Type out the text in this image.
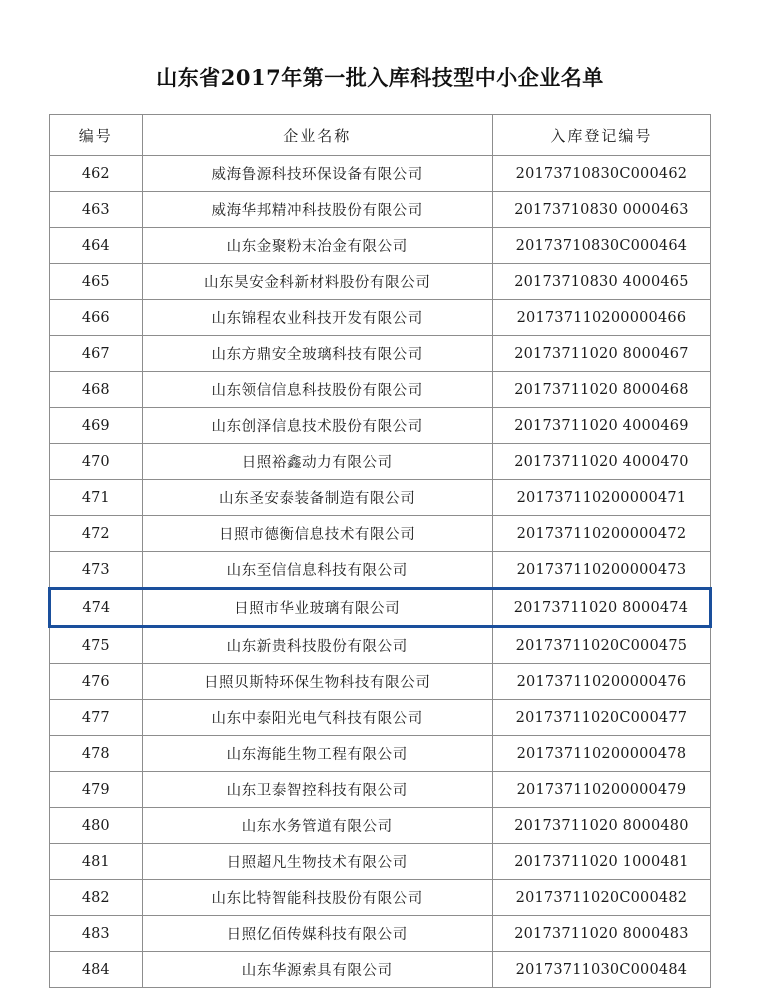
山东省2017年第一批入库科技型中小企业名单
编号	企业名称	入库登记编号
462	威海鲁源科技环保设备有限公司	20173710830C000462
463	威海华邦精冲科技股份有限公司	20173710830 0000463
464	山东金聚粉末冶金有限公司	20173710830C000464
465	山东昊安金科新材料股份有限公司	20173710830 4000465
466	山东锦程农业科技开发有限公司	201737110200000466
467	山东方鼎安全玻璃科技有限公司	20173711020 8000467
468	山东领信信息科技股份有限公司	20173711020 8000468
469	山东创泽信息技术股份有限公司	20173711020 4000469
470	日照裕鑫动力有限公司	20173711020 4000470
471	山东圣安泰装备制造有限公司	201737110200000471
472	日照市德衡信息技术有限公司	201737110200000472
473	山东至信信息科技有限公司	201737110200000473
474	日照市华业玻璃有限公司	20173711020 8000474
475	山东新贵科技股份有限公司	20173711020C000475
476	日照贝斯特环保生物科技有限公司	201737110200000476
477	山东中泰阳光电气科技有限公司	20173711020C000477
478	山东海能生物工程有限公司	201737110200000478
479	山东卫泰智控科技有限公司	201737110200000479
480	山东水务管道有限公司	20173711020 8000480
481	日照超凡生物技术有限公司	20173711020 1000481
482	山东比特智能科技股份有限公司	20173711020C000482
483	日照亿佰传媒科技有限公司	20173711020 8000483
484	山东华源索具有限公司	20173711030C000484
